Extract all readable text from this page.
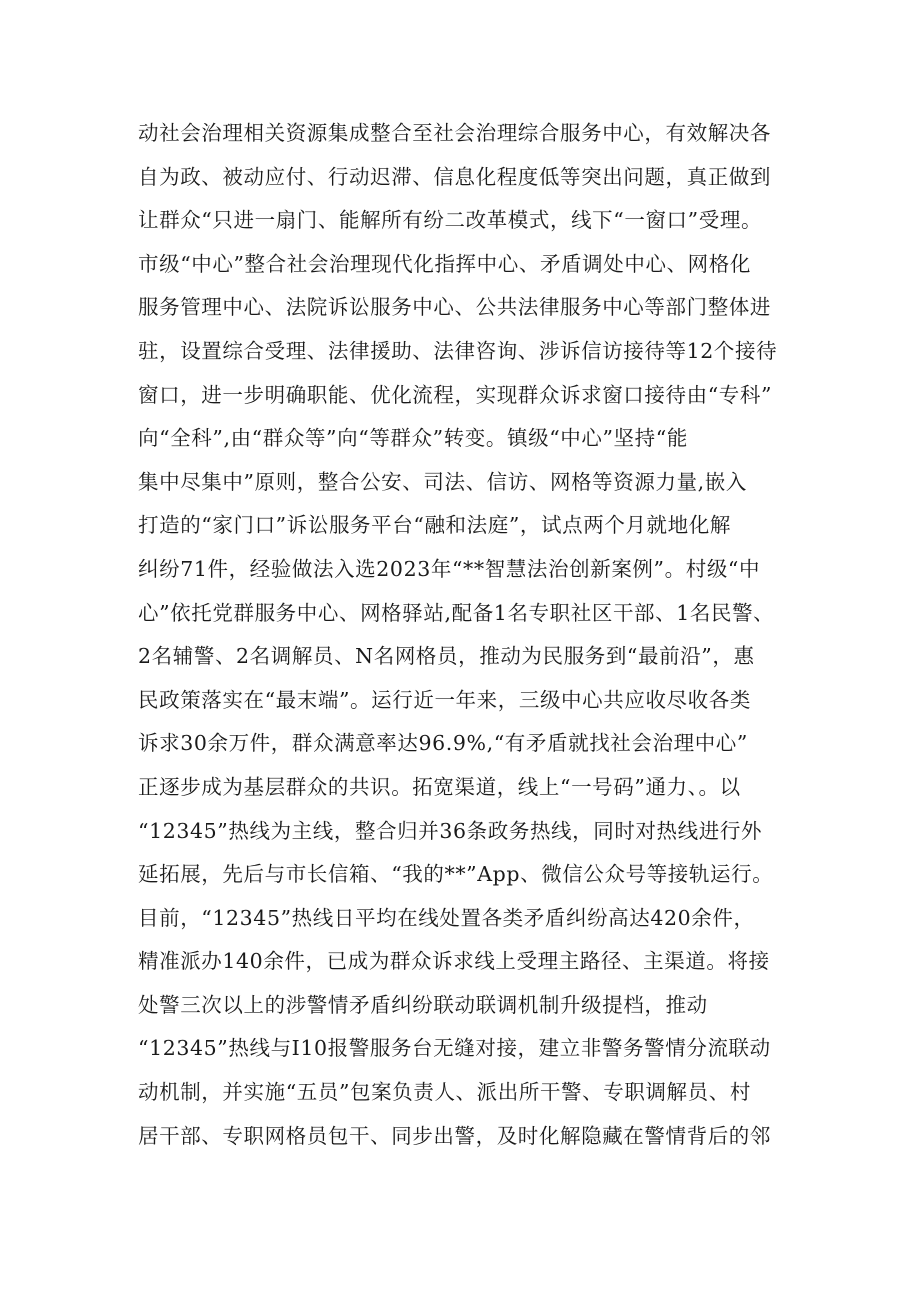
动社会治理相关资源集成整合至社会治理综合服务中心，有效解决各
自为政、被动应付、行动迟滞、信息化程度低等突出问题，真正做到
让群众“只进一扇门、能解所有纷二改革模式，线下“一窗口”受理。
市级“中心”整合社会治理现代化指挥中心、矛盾调处中心、网格化
服务管理中心、法院诉讼服务中心、公共法律服务中心等部门整体进
驻，设置综合受理、法律援助、法律咨询、涉诉信访接待等12个接待
窗口，进一步明确职能、优化流程，实现群众诉求窗口接待由“专科”
向“全科”,由“群众等”向“等群众”转变。镇级“中心”坚持“能
集中尽集中”原则，整合公安、司法、信访、网格等资源力量,嵌入
打造的“家门口”诉讼服务平台“融和法庭”，试点两个月就地化解
纠纷71件，经验做法入选2023年“**智慧法治创新案例”。村级“中
心”依托党群服务中心、网格驿站,配备1名专职社区干部、1名民警、
2名辅警、2名调解员、N名网格员，推动为民服务到“最前沿”，惠
民政策落实在“最末端”。运行近一年来，三级中心共应收尽收各类
诉求30余万件，群众满意率达96.9%,“有矛盾就找社会治理中心”
正逐步成为基层群众的共识。拓宽渠道，线上“一号码”通力、。以
“12345”热线为主线，整合归并36条政务热线，同时对热线进行外
延拓展，先后与市长信箱、“我的**”App、微信公众号等接轨运行。
目前，“12345”热线日平均在线处置各类矛盾纠纷高达420余件，
精准派办140余件，已成为群众诉求线上受理主路径、主渠道。将接
处警三次以上的涉警情矛盾纠纷联动联调机制升级提档，推动
“12345”热线与I10报警服务台无缝对接，建立非警务警情分流联动
动机制，并实施“五员”包案负责人、派出所干警、专职调解员、村
居干部、专职网格员包干、同步出警，及时化解隐藏在警情背后的邻
